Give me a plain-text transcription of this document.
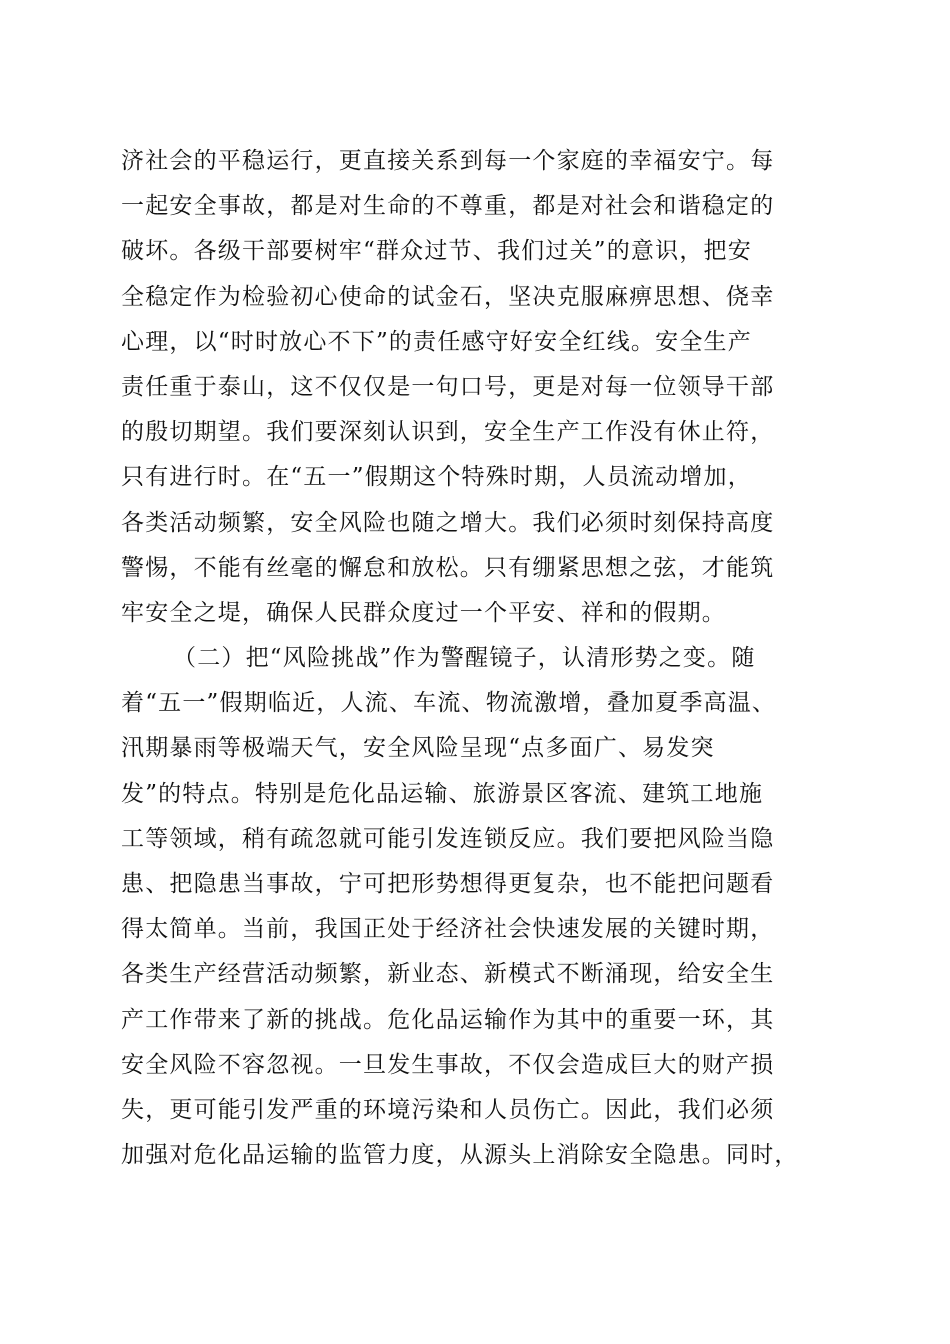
济社会的平稳运行，更直接关系到每一个家庭的幸福安宁。每
一起安全事故，都是对生命的不尊重，都是对社会和谐稳定的
破坏。各级干部要树牢“群众过节、我们过关”的意识，把安
全稳定作为检验初心使命的试金石，坚决克服麻痹思想、侥幸
心理，以“时时放心不下”的责任感守好安全红线。安全生产
责任重于泰山，这不仅仅是一句口号，更是对每一位领导干部
的殷切期望。我们要深刻认识到，安全生产工作没有休止符，
只有进行时。在“五一”假期这个特殊时期，人员流动增加，
各类活动频繁，安全风险也随之增大。我们必须时刻保持高度
警惕，不能有丝毫的懈怠和放松。只有绷紧思想之弦，才能筑
牢安全之堤，确保人民群众度过一个平安、祥和的假期。
（二）把“风险挑战”作为警醒镜子，认清形势之变。随
着“五一”假期临近，人流、车流、物流激增，叠加夏季高温、
汛期暴雨等极端天气，安全风险呈现“点多面广、易发突
发”的特点。特别是危化品运输、旅游景区客流、建筑工地施
工等领域，稍有疏忽就可能引发连锁反应。我们要把风险当隐
患、把隐患当事故，宁可把形势想得更复杂，也不能把问题看
得太简单。当前，我国正处于经济社会快速发展的关键时期，
各类生产经营活动频繁，新业态、新模式不断涌现，给安全生
产工作带来了新的挑战。危化品运输作为其中的重要一环，其
安全风险不容忽视。一旦发生事故，不仅会造成巨大的财产损
失，更可能引发严重的环境污染和人员伤亡。因此，我们必须
加强对危化品运输的监管力度，从源头上消除安全隐患。同时，
